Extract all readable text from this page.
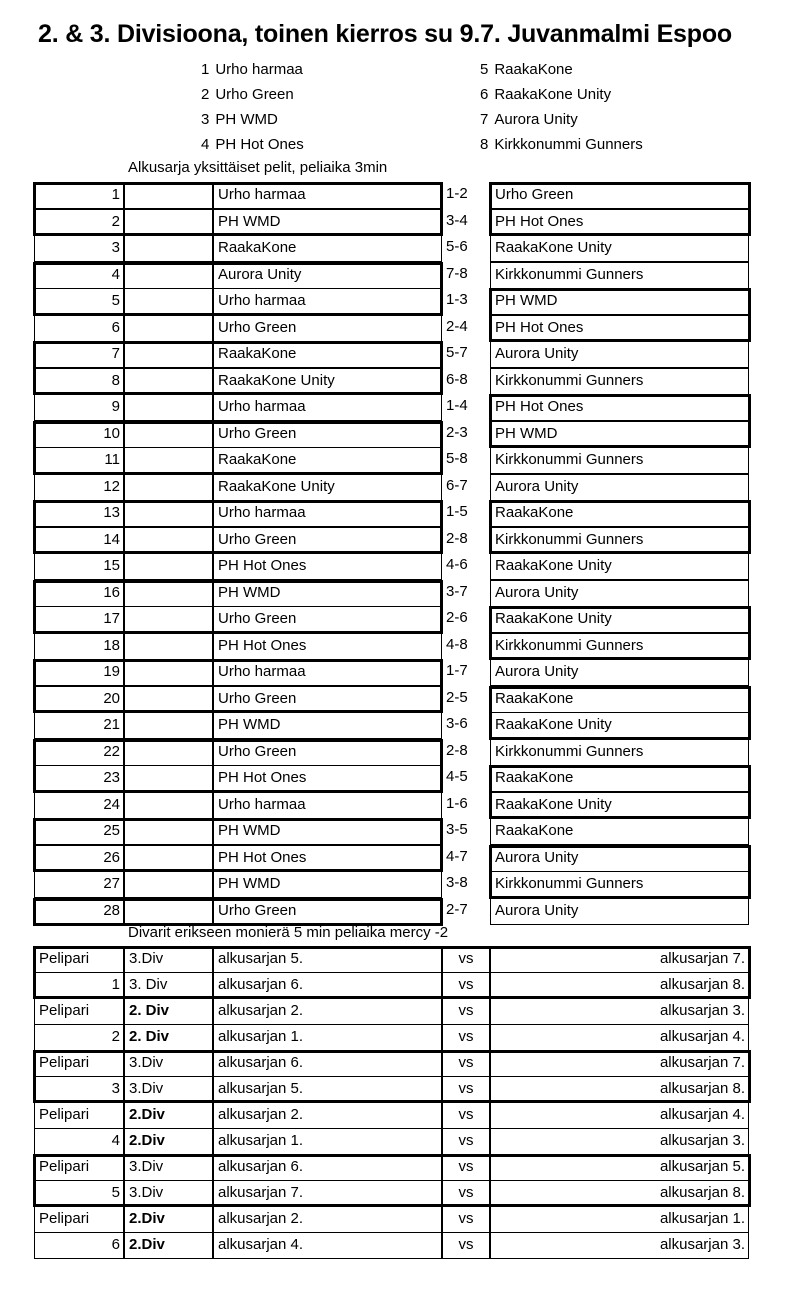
2. & 3. Divisioona, toinen kierros su 9.7. Juvanmalmi Espoo
1 Urho harmaa
2 Urho Green
3 PH WMD
4 PH Hot Ones
5 RaakaKone
6 RaakaKone Unity
7 Aurora Unity
8 Kirkkonummi Gunners
Alkusarja yksittäiset pelit, peliaika 3min
1	Urho harmaa	1-2	Urho Green
2	PH WMD	3-4	PH Hot Ones
3	RaakaKone	5-6	RaakaKone Unity
4	Aurora Unity	7-8	Kirkkonummi Gunners
5	Urho harmaa	1-3	PH WMD
6	Urho Green	2-4	PH Hot Ones
7	RaakaKone	5-7	Aurora Unity
8	RaakaKone Unity	6-8	Kirkkonummi Gunners
9	Urho harmaa	1-4	PH Hot Ones
10	Urho Green	2-3	PH WMD
11	RaakaKone	5-8	Kirkkonummi Gunners
12	RaakaKone Unity	6-7	Aurora Unity
13	Urho harmaa	1-5	RaakaKone
14	Urho Green	2-8	Kirkkonummi Gunners
15	PH Hot Ones	4-6	RaakaKone Unity
16	PH WMD	3-7	Aurora Unity
17	Urho Green	2-6	RaakaKone Unity
18	PH Hot Ones	4-8	Kirkkonummi Gunners
19	Urho harmaa	1-7	Aurora Unity
20	Urho Green	2-5	RaakaKone
21	PH WMD	3-6	RaakaKone Unity
22	Urho Green	2-8	Kirkkonummi Gunners
23	PH Hot Ones	4-5	RaakaKone
24	Urho harmaa	1-6	RaakaKone Unity
25	PH WMD	3-5	RaakaKone
26	PH Hot Ones	4-7	Aurora Unity
27	PH WMD	3-8	Kirkkonummi Gunners
28	Urho Green	2-7	Aurora Unity
Divarit erikseen monierä 5 min peliaika mercy -2
Pelipari	3.Div	alkusarjan 5.	vs	alkusarjan 7.
1 3. Div	alkusarjan 6.	vs	alkusarjan 8.
Pelipari	2. Div	alkusarjan 2.	vs	alkusarjan 3.
2 2. Div	alkusarjan 1.	vs	alkusarjan 4.
Pelipari	3.Div	alkusarjan 6.	vs	alkusarjan 7.
3 3.Div	alkusarjan 5.	vs	alkusarjan 8.
Pelipari	2.Div	alkusarjan 2.	vs	alkusarjan 4.
4 2.Div	alkusarjan 1.	vs	alkusarjan 3.
Pelipari	3.Div	alkusarjan 6.	vs	alkusarjan 5.
5 3.Div	alkusarjan 7.	vs	alkusarjan 8.
Pelipari	2.Div	alkusarjan 2.	vs	alkusarjan 1.
6 2.Div	alkusarjan 4.	vs	alkusarjan 3.
